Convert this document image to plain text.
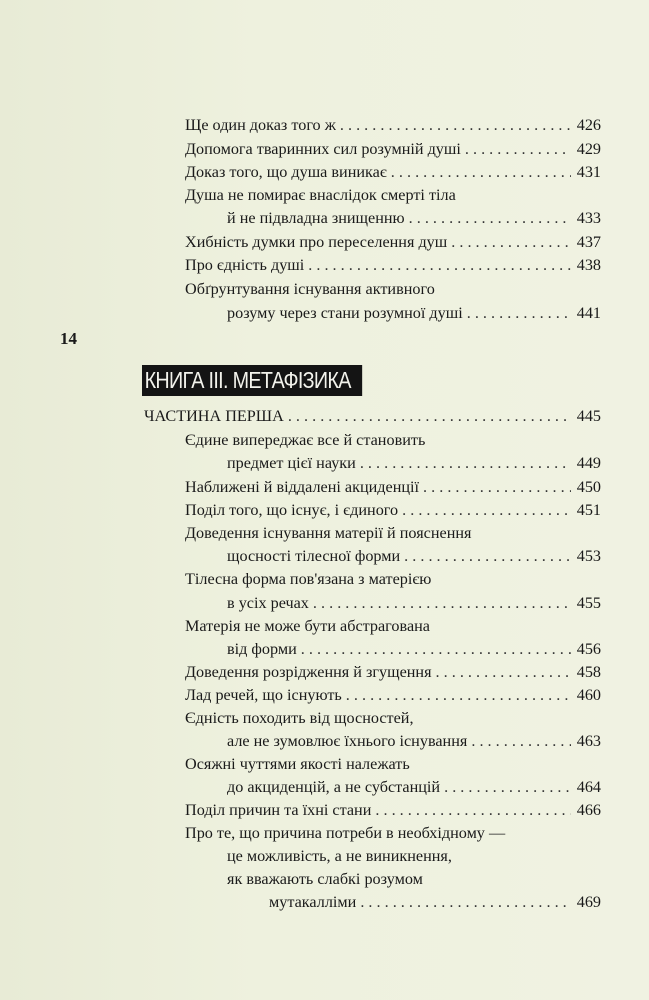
14
КНИГА III. МЕТАФІЗИКА
Ще один доказ того ж . . .	426
Допомога тваринних сил розумній душі . . .	429
Доказ того, що душа виникає . . .	431
Душа не помирає внаслідок смерті тіла
й не підвладна знищенню . . .	433
Хибність думки про переселення душ . . .	437
Про єдність душі . . .	438
Обґрунтування існування активного
розуму через стани розумної душі . . .	441
ЧАСТИНА ПЕРША . . .	445
Єдине випереджає все й становить
предмет цієї науки . . .	449
Наближені й віддалені акциденції . . .	450
Поділ того, що існує, і єдиного . . .	451
Доведення існування матерії й пояснення
щосності тілесної форми . . .	453
Тілесна форма пов'язана з матерією
в усіх речах . . .	455
Матерія не може бути абстрагована
від форми . . .	456
Доведення розрідження й згущення . . .	458
Лад речей, що існують . . .	460
Єдність походить від щосностей,
але не зумовлює їхнього існування . . .	463
Осяжні чуттями якості належать
до акциденцій, а не субстанцій . . .	464
Поділ причин та їхні стани . . .	466
Про те, що причина потреби в необхідному —
це можливість, а не виникнення,
як вважають слабкі розумом
мутакалліми . . .	469
